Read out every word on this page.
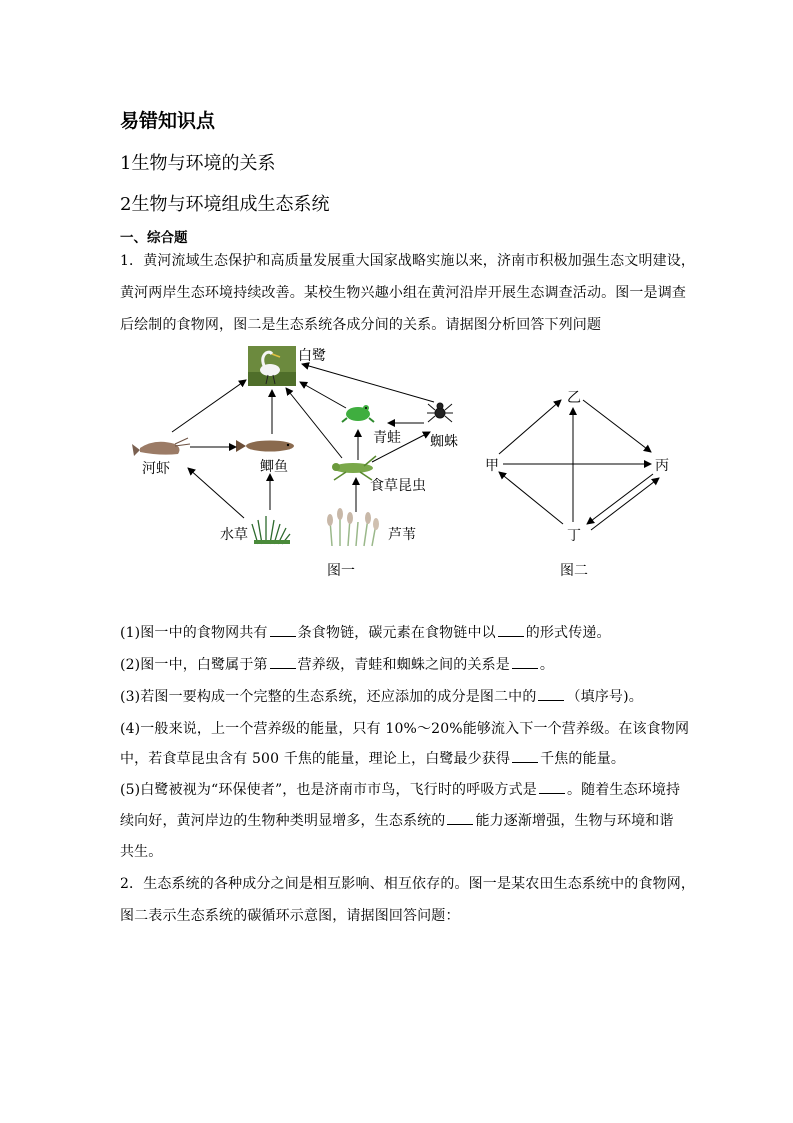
易错知识点
1生物与环境的关系
2生物与环境组成生态系统
一、综合题
1．黄河流域生态保护和高质量发展重大国家战略实施以来，济南市积极加强生态文明建设，
黄河两岸生态环境持续改善。某校生物兴趣小组在黄河沿岸开展生态调查活动。图一是调查
后绘制的食物网，图二是生态系统各成分间的关系。请据图分析回答下列问题
白鹭
青蛙 蜘蛛
河虾	鲫鱼
食草昆虫
水草	芦苇
甲
乙
丙
丁
图一	图二
(1)图一中的食物网共有 条食物链，碳元素在食物链中以 的形式传递。
(2)图一中，白鹭属于第 营养级，青蛙和蜘蛛之间的关系是 。
(3)若图一要构成一个完整的生态系统，还应添加的成分是图二中的 （填序号)。
(4)一般来说，上一个营养级的能量，只有 10%～20%能够流入下一个营养级。在该食物网
中，若食草昆虫含有 500 千焦的能量，理论上，白鹭最少获得 千焦的能量。
(5)白鹭被视为“环保使者”，也是济南市市鸟，飞行时的呼吸方式是 。随着生态环境持
续向好，黄河岸边的生物种类明显增多，生态系统的 能力逐渐增强，生物与环境和谐
共生。
2．生态系统的各种成分之间是相互影响、相互依存的。图一是某农田生态系统中的食物网，
图二表示生态系统的碳循环示意图，请据图回答问题：
